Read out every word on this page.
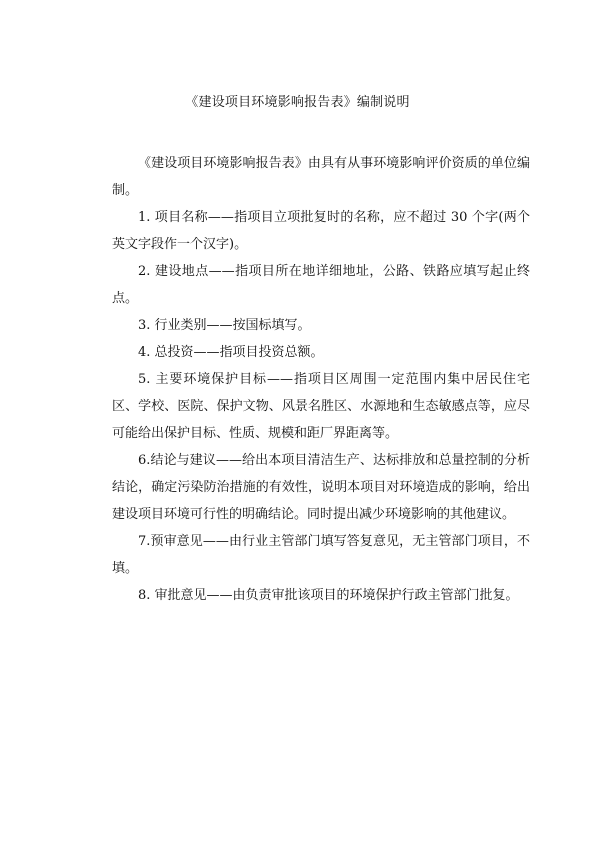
《建设项目环境影响报告表》编制说明

《建设项目环境影响报告表》由具有从事环境影响评价资质的单位编制。

1. 项目名称——指项目立项批复时的名称，应不超过 30 个字(两个英文字段作一个汉字)。

2. 建设地点——指项目所在地详细地址，公路、铁路应填写起止终点。

3. 行业类别——按国标填写。

4. 总投资——指项目投资总额。

5. 主要环境保护目标——指项目区周围一定范围内集中居民住宅区、学校、医院、保护文物、风景名胜区、水源地和生态敏感点等，应尽可能给出保护目标、性质、规模和距厂界距离等。

6.结论与建议——给出本项目清洁生产、达标排放和总量控制的分析结论，确定污染防治措施的有效性，说明本项目对环境造成的影响，给出建设项目环境可行性的明确结论。同时提出减少环境影响的其他建议。

7.预审意见——由行业主管部门填写答复意见，无主管部门项目，不填。

8. 审批意见——由负责审批该项目的环境保护行政主管部门批复。
